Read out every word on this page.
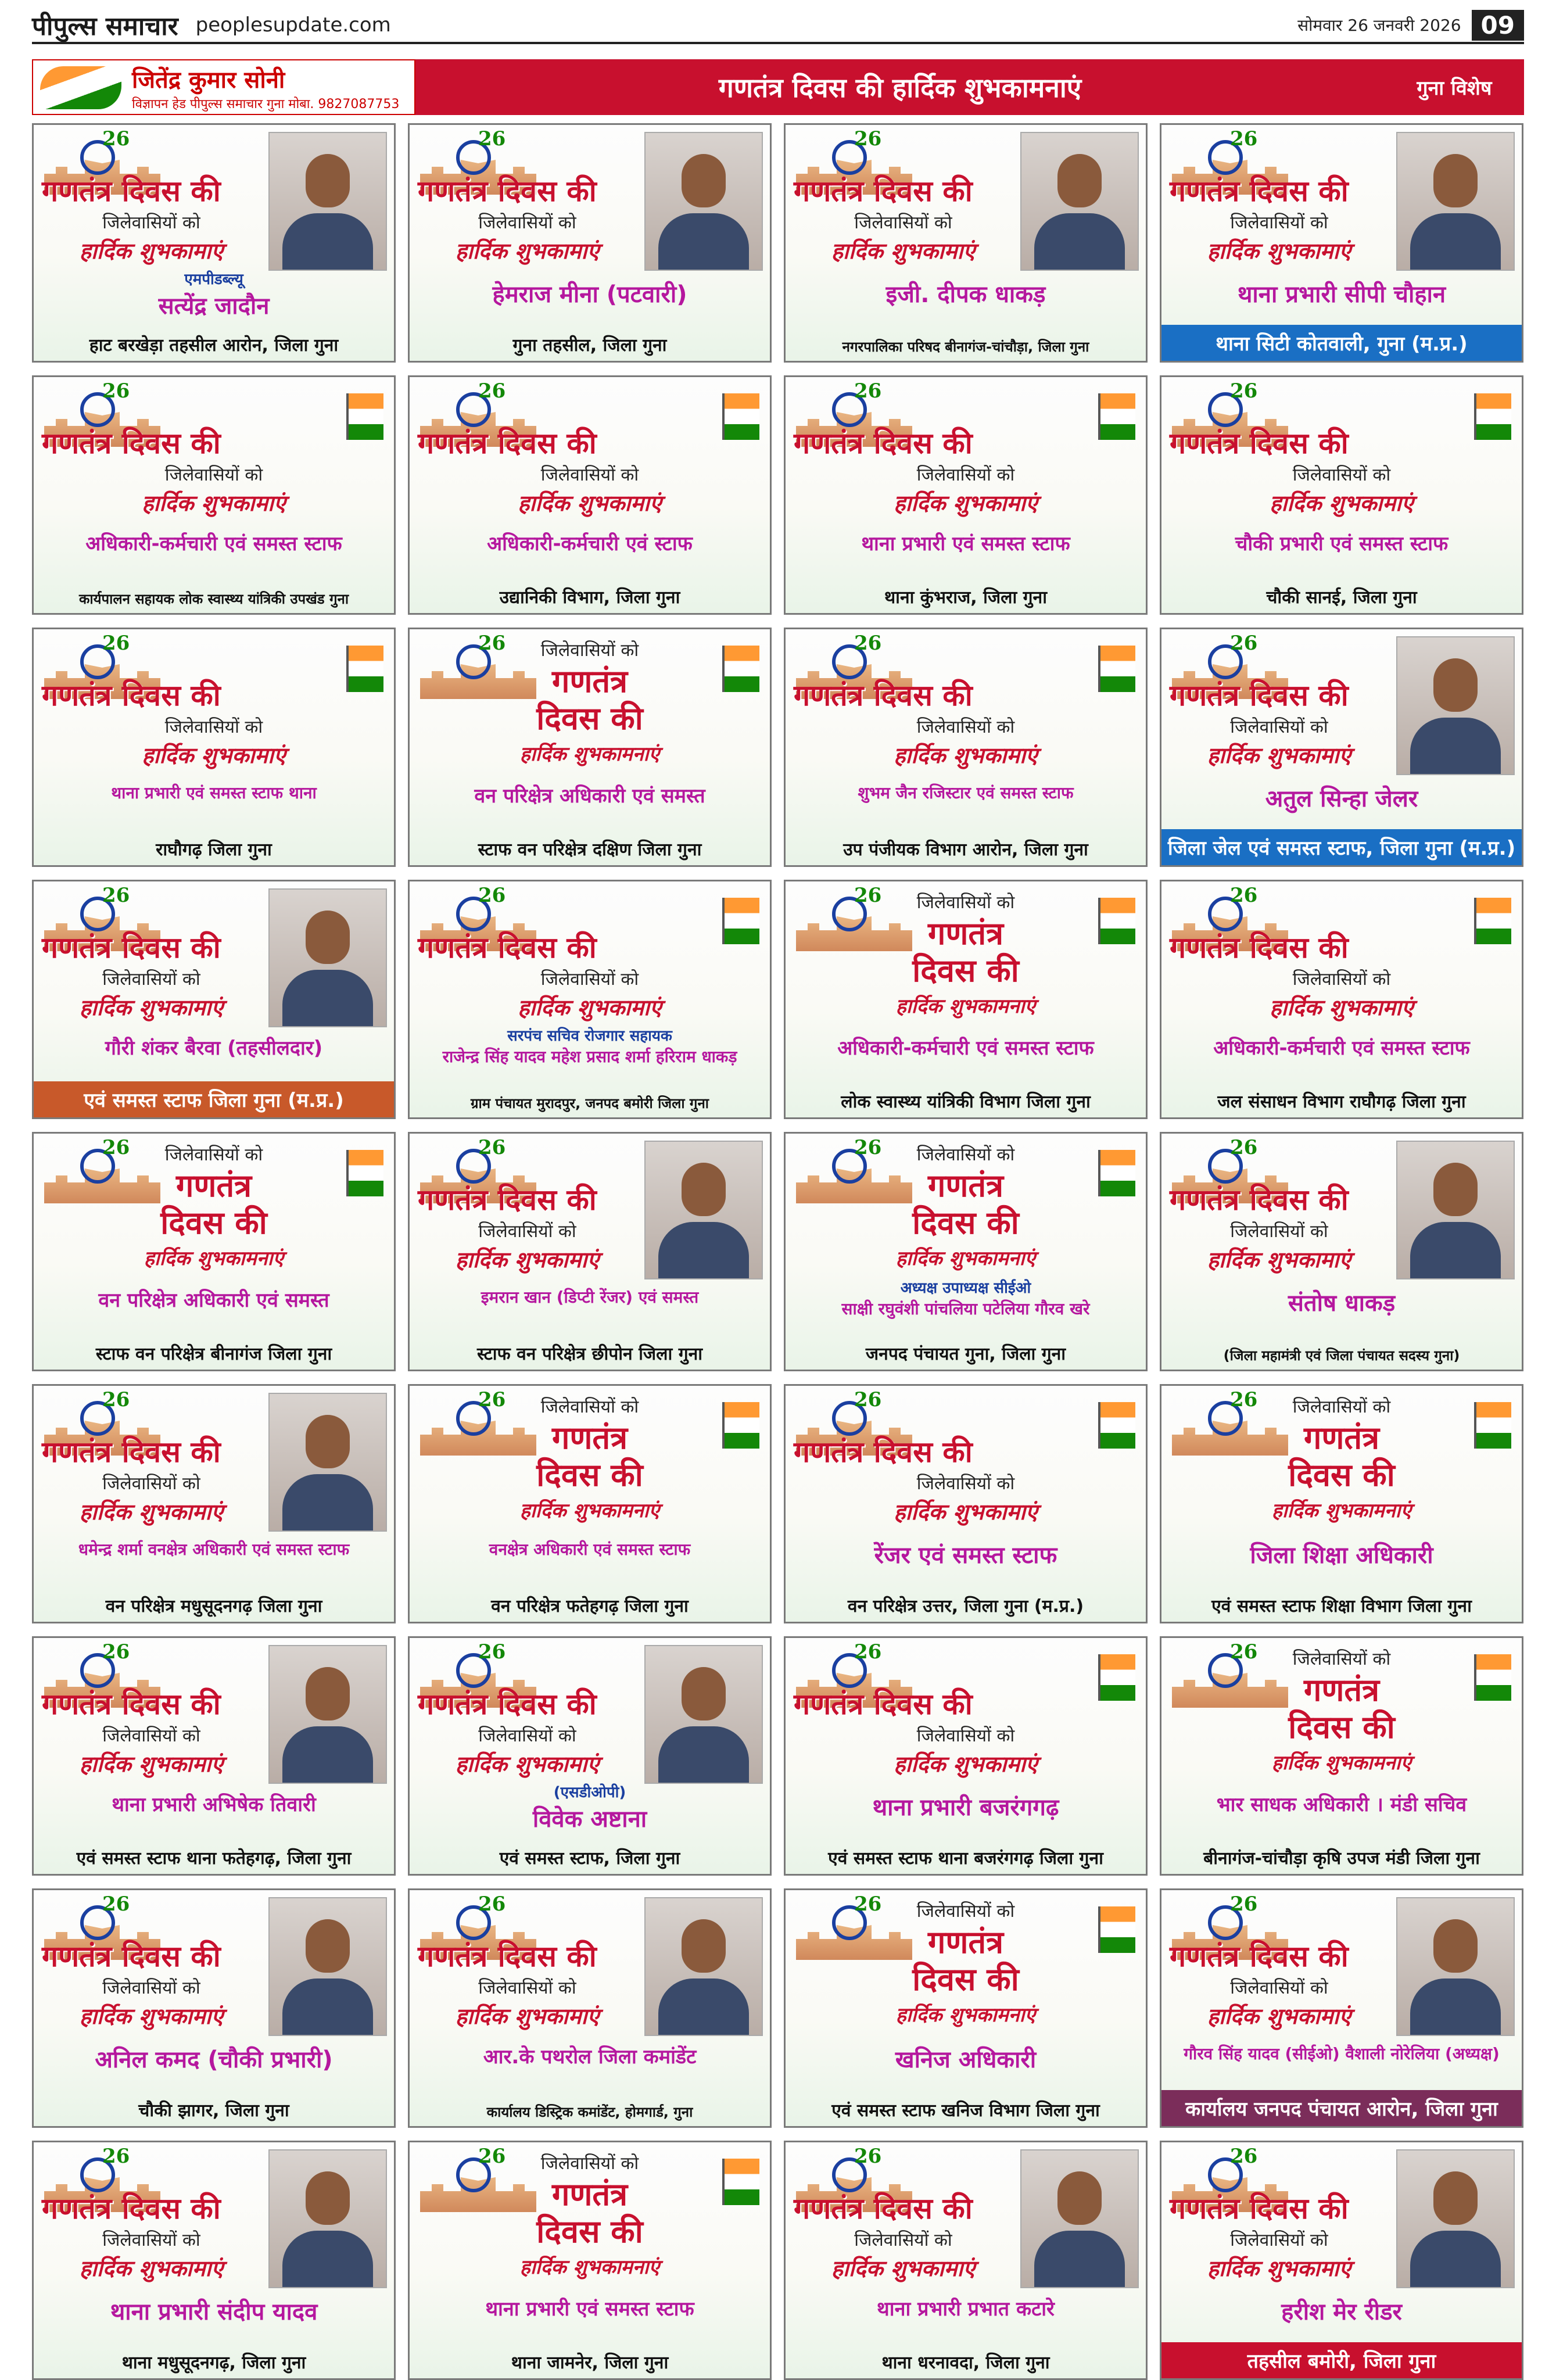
पीपुल्स समाचार peoplesupdate.com	सोमवार 26 जनवरी 2026 09
जितेंद्र कुमार सोनी
विज्ञापन हेड पीपुल्स समाचार गुना मोबा. 9827087753
गणतंत्र दिवस की हार्दिक शुभकामनाएं	गुना विशेष
26
गणतंत्र दिवस की
जिलेवासियों को
हार्दिक शुभकामाएं
एमपीडब्ल्यू
सत्येंद्र जादौन
हाट बरखेड़ा तहसील आरोन, जिला गुना
26
गणतंत्र दिवस की
जिलेवासियों को
हार्दिक शुभकामाएं
हेमराज मीना (पटवारी)
गुना तहसील, जिला गुना
26
गणतंत्र दिवस की
जिलेवासियों को
हार्दिक शुभकामाएं
इजी. दीपक धाकड़
नगरपालिका परिषद बीनागंज-चांचौड़ा, जिला गुना
26
गणतंत्र दिवस की
जिलेवासियों को
हार्दिक शुभकामाएं
थाना प्रभारी सीपी चौहान
थाना सिटी कोतवाली, गुना (म.प्र.)
26
गणतंत्र दिवस की
जिलेवासियों को
हार्दिक शुभकामाएं
अधिकारी-कर्मचारी एवं समस्त स्टाफ
कार्यपालन सहायक लोक स्वास्थ्य यांत्रिकी उपखंड गुना
26
गणतंत्र दिवस की
जिलेवासियों को
हार्दिक शुभकामाएं
अधिकारी-कर्मचारी एवं स्टाफ
उद्यानिकी विभाग, जिला गुना
26
गणतंत्र दिवस की
जिलेवासियों को
हार्दिक शुभकामाएं
थाना प्रभारी एवं समस्त स्टाफ
थाना कुंभराज, जिला गुना
26
गणतंत्र दिवस की
जिलेवासियों को
हार्दिक शुभकामाएं
चौकी प्रभारी एवं समस्त स्टाफ
चौकी सानई, जिला गुना
26
गणतंत्र दिवस की
जिलेवासियों को
हार्दिक शुभकामाएं
थाना प्रभारी एवं समस्त स्टाफ थाना
राघौगढ़ जिला गुना
26	जिलेवासियों को
गणतंत्र
दिवस की
हार्दिक शुभकामनाएं
वन परिक्षेत्र अधिकारी एवं समस्त
स्टाफ वन परिक्षेत्र दक्षिण जिला गुना
26
गणतंत्र दिवस की
जिलेवासियों को
हार्दिक शुभकामाएं
शुभम जैन रजिस्टार एवं समस्त स्टाफ
उप पंजीयक विभाग आरोन, जिला गुना
26
गणतंत्र दिवस की
जिलेवासियों को
हार्दिक शुभकामाएं
अतुल सिन्हा जेलर
जिला जेल एवं समस्त स्टाफ, जिला गुना (म.प्र.)
26
गणतंत्र दिवस की
जिलेवासियों को
हार्दिक शुभकामाएं
गौरी शंकर बैरवा (तहसीलदार)
एवं समस्त स्टाफ जिला गुना (म.प्र.)
26
गणतंत्र दिवस की
जिलेवासियों को
हार्दिक शुभकामाएं
सरपंच सचिव रोजगार सहायक
राजेन्द्र सिंह यादव महेश प्रसाद शर्मा हरिराम धाकड़
ग्राम पंचायत मुरादपुर, जनपद बमोरी जिला गुना
26	जिलेवासियों को
गणतंत्र
दिवस की
हार्दिक शुभकामनाएं
अधिकारी-कर्मचारी एवं समस्त स्टाफ
लोक स्वास्थ्य यांत्रिकी विभाग जिला गुना
26
गणतंत्र दिवस की
जिलेवासियों को
हार्दिक शुभकामाएं
अधिकारी-कर्मचारी एवं समस्त स्टाफ
जल संसाधन विभाग राघौगढ़ जिला गुना
26	जिलेवासियों को
गणतंत्र
दिवस की
हार्दिक शुभकामनाएं
वन परिक्षेत्र अधिकारी एवं समस्त
स्टाफ वन परिक्षेत्र बीनागंज जिला गुना
26
गणतंत्र दिवस की
जिलेवासियों को
हार्दिक शुभकामाएं
इमरान खान (डिप्टी रेंजर) एवं समस्त
स्टाफ वन परिक्षेत्र छीपोन जिला गुना
26	जिलेवासियों को
गणतंत्र
दिवस की
हार्दिक शुभकामनाएं
अध्यक्ष उपाध्यक्ष सीईओ
साक्षी रघुवंशी पांचलिया पटेलिया गौरव खरे
जनपद पंचायत गुना, जिला गुना
26
गणतंत्र दिवस की
जिलेवासियों को
हार्दिक शुभकामाएं
संतोष धाकड़
(जिला महामंत्री एवं जिला पंचायत सदस्य गुना)
26
गणतंत्र दिवस की
जिलेवासियों को
हार्दिक शुभकामाएं
धमेन्द्र शर्मा वनक्षेत्र अधिकारी एवं समस्त स्टाफ
वन परिक्षेत्र मधुसूदनगढ़ जिला गुना
26	जिलेवासियों को
गणतंत्र
दिवस की
हार्दिक शुभकामनाएं
वनक्षेत्र अधिकारी एवं समस्त स्टाफ
वन परिक्षेत्र फतेहगढ़ जिला गुना
26
गणतंत्र दिवस की
जिलेवासियों को
हार्दिक शुभकामाएं
रेंजर एवं समस्त स्टाफ
वन परिक्षेत्र उत्तर, जिला गुना (म.प्र.)
26	जिलेवासियों को
गणतंत्र
दिवस की
हार्दिक शुभकामनाएं
जिला शिक्षा अधिकारी
एवं समस्त स्टाफ शिक्षा विभाग जिला गुना
26
गणतंत्र दिवस की
जिलेवासियों को
हार्दिक शुभकामाएं
थाना प्रभारी अभिषेक तिवारी
एवं समस्त स्टाफ थाना फतेहगढ़, जिला गुना
26
गणतंत्र दिवस की
जिलेवासियों को
हार्दिक शुभकामाएं
(एसडीओपी)
विवेक अष्टाना
एवं समस्त स्टाफ, जिला गुना
26
गणतंत्र दिवस की
जिलेवासियों को
हार्दिक शुभकामाएं
थाना प्रभारी बजरंगगढ़
एवं समस्त स्टाफ थाना बजरंगगढ़ जिला गुना
26	जिलेवासियों को
गणतंत्र
दिवस की
हार्दिक शुभकामनाएं
भार साधक अधिकारी । मंडी सचिव
बीनागंज-चांचौड़ा कृषि उपज मंडी जिला गुना
26
गणतंत्र दिवस की
जिलेवासियों को
हार्दिक शुभकामाएं
अनिल कमद (चौकी प्रभारी)
चौकी झागर, जिला गुना
26
गणतंत्र दिवस की
जिलेवासियों को
हार्दिक शुभकामाएं
आर.के पथरोल जिला कमांडेंट
कार्यालय डिस्ट्रिक कमांडेंट, होमगार्ड, गुना
26	जिलेवासियों को
गणतंत्र
दिवस की
हार्दिक शुभकामनाएं
खनिज अधिकारी
एवं समस्त स्टाफ खनिज विभाग जिला गुना
26
गणतंत्र दिवस की
जिलेवासियों को
हार्दिक शुभकामाएं
गौरव सिंह यादव (सीईओ) वैशाली नोरेलिया (अध्यक्ष)
कार्यालय जनपद पंचायत आरोन, जिला गुना
26
गणतंत्र दिवस की
जिलेवासियों को
हार्दिक शुभकामाएं
थाना प्रभारी संदीप यादव
थाना मधुसूदनगढ़, जिला गुना
26	जिलेवासियों को
गणतंत्र
दिवस की
हार्दिक शुभकामनाएं
थाना प्रभारी एवं समस्त स्टाफ
थाना जामनेर, जिला गुना
26
गणतंत्र दिवस की
जिलेवासियों को
हार्दिक शुभकामाएं
थाना प्रभारी प्रभात कटारे
थाना धरनावदा, जिला गुना
26
गणतंत्र दिवस की
जिलेवासियों को
हार्दिक शुभकामाएं
हरीश मेर रीडर
तहसील बमोरी, जिला गुना
